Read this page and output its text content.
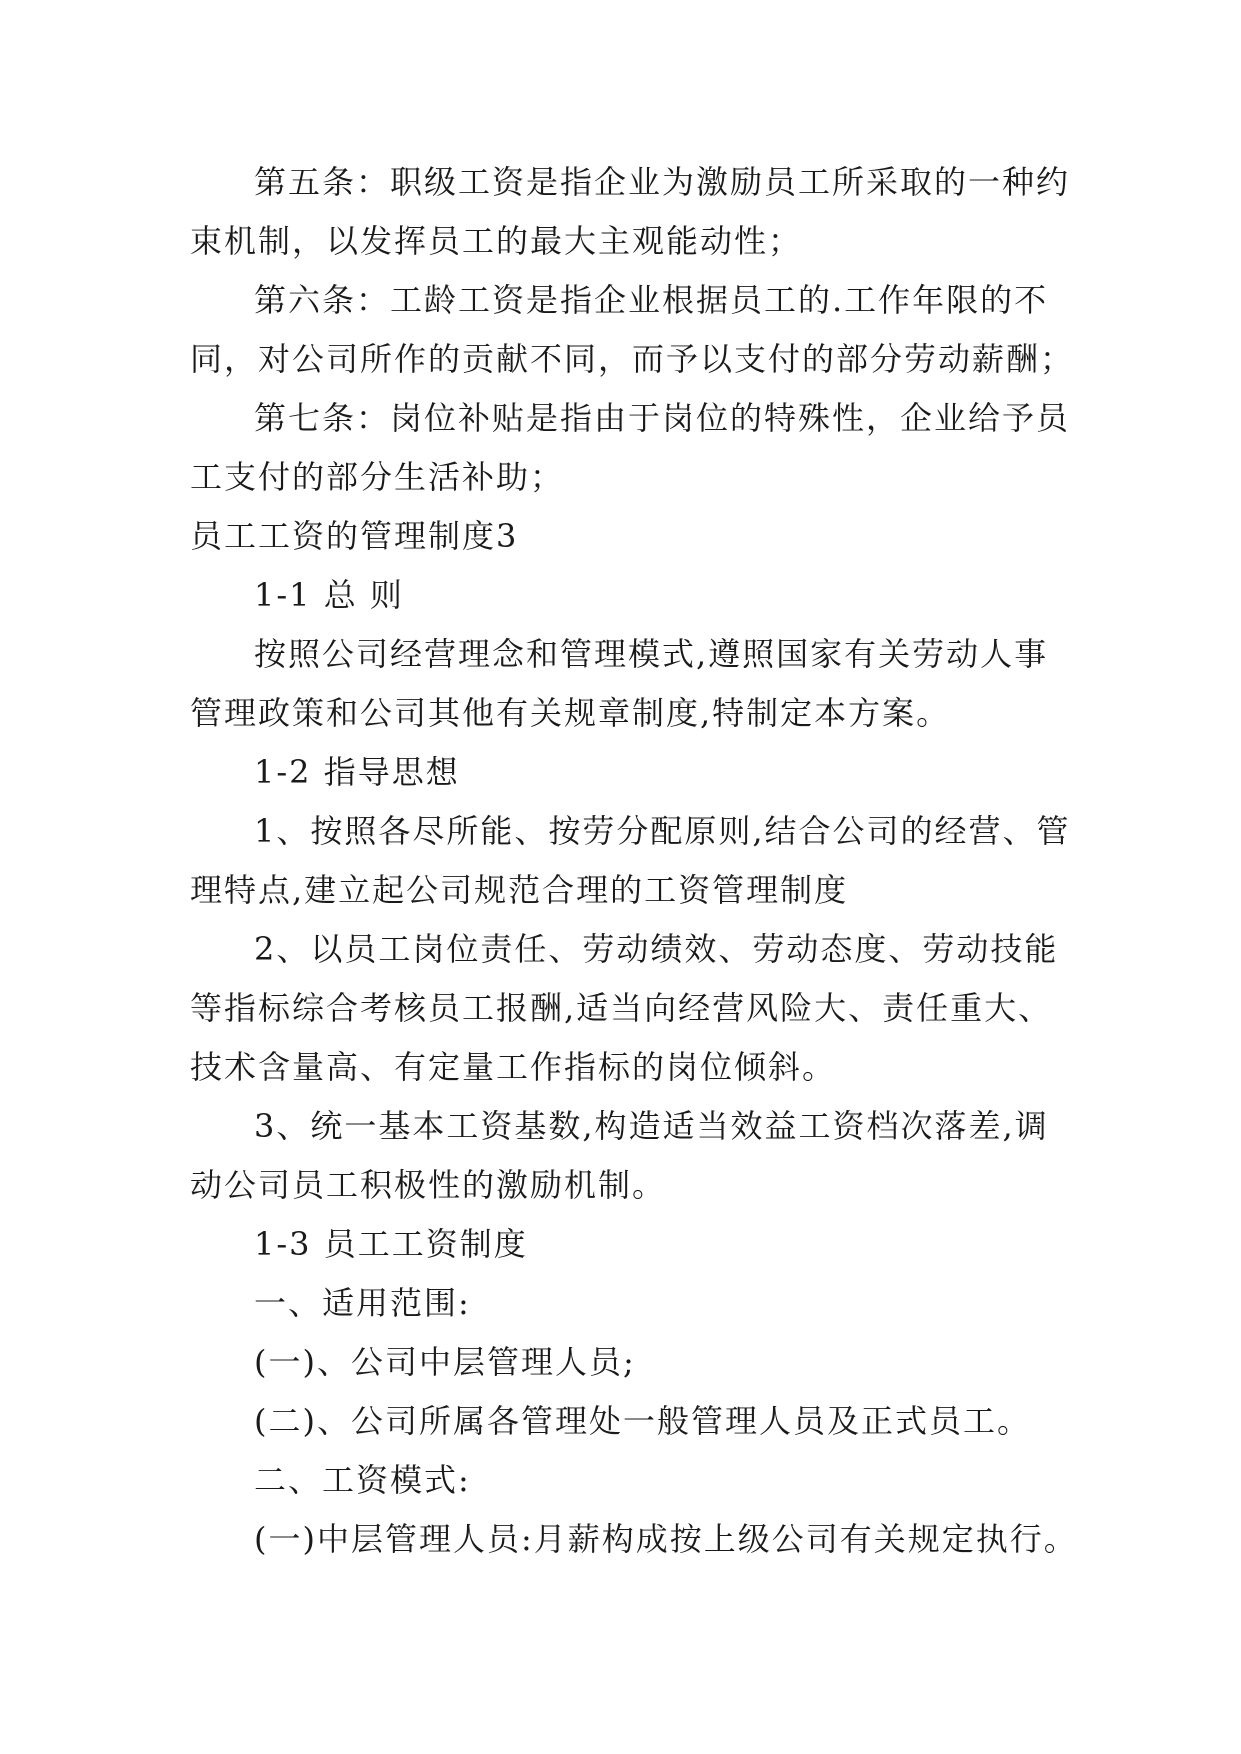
第五条：职级工资是指企业为激励员工所采取的一种约
束机制，以发挥员工的最大主观能动性；
第六条：工龄工资是指企业根据员工的.工作年限的不
同，对公司所作的贡献不同，而予以支付的部分劳动薪酬；
第七条：岗位补贴是指由于岗位的特殊性，企业给予员
工支付的部分生活补助；
员工工资的管理制度3
1-1 总 则
按照公司经营理念和管理模式,遵照国家有关劳动人事
管理政策和公司其他有关规章制度,特制定本方案。
1-2 指导思想
1、按照各尽所能、按劳分配原则,结合公司的经营、管
理特点,建立起公司规范合理的工资管理制度
2、以员工岗位责任、劳动绩效、劳动态度、劳动技能
等指标综合考核员工报酬,适当向经营风险大、责任重大、
技术含量高、有定量工作指标的岗位倾斜。
3、统一基本工资基数,构造适当效益工资档次落差,调
动公司员工积极性的激励机制。
1-3 员工工资制度
一、适用范围:
(一)、公司中层管理人员;
(二)、公司所属各管理处一般管理人员及正式员工。
二、工资模式:
(一)中层管理人员:月薪构成按上级公司有关规定执行。
